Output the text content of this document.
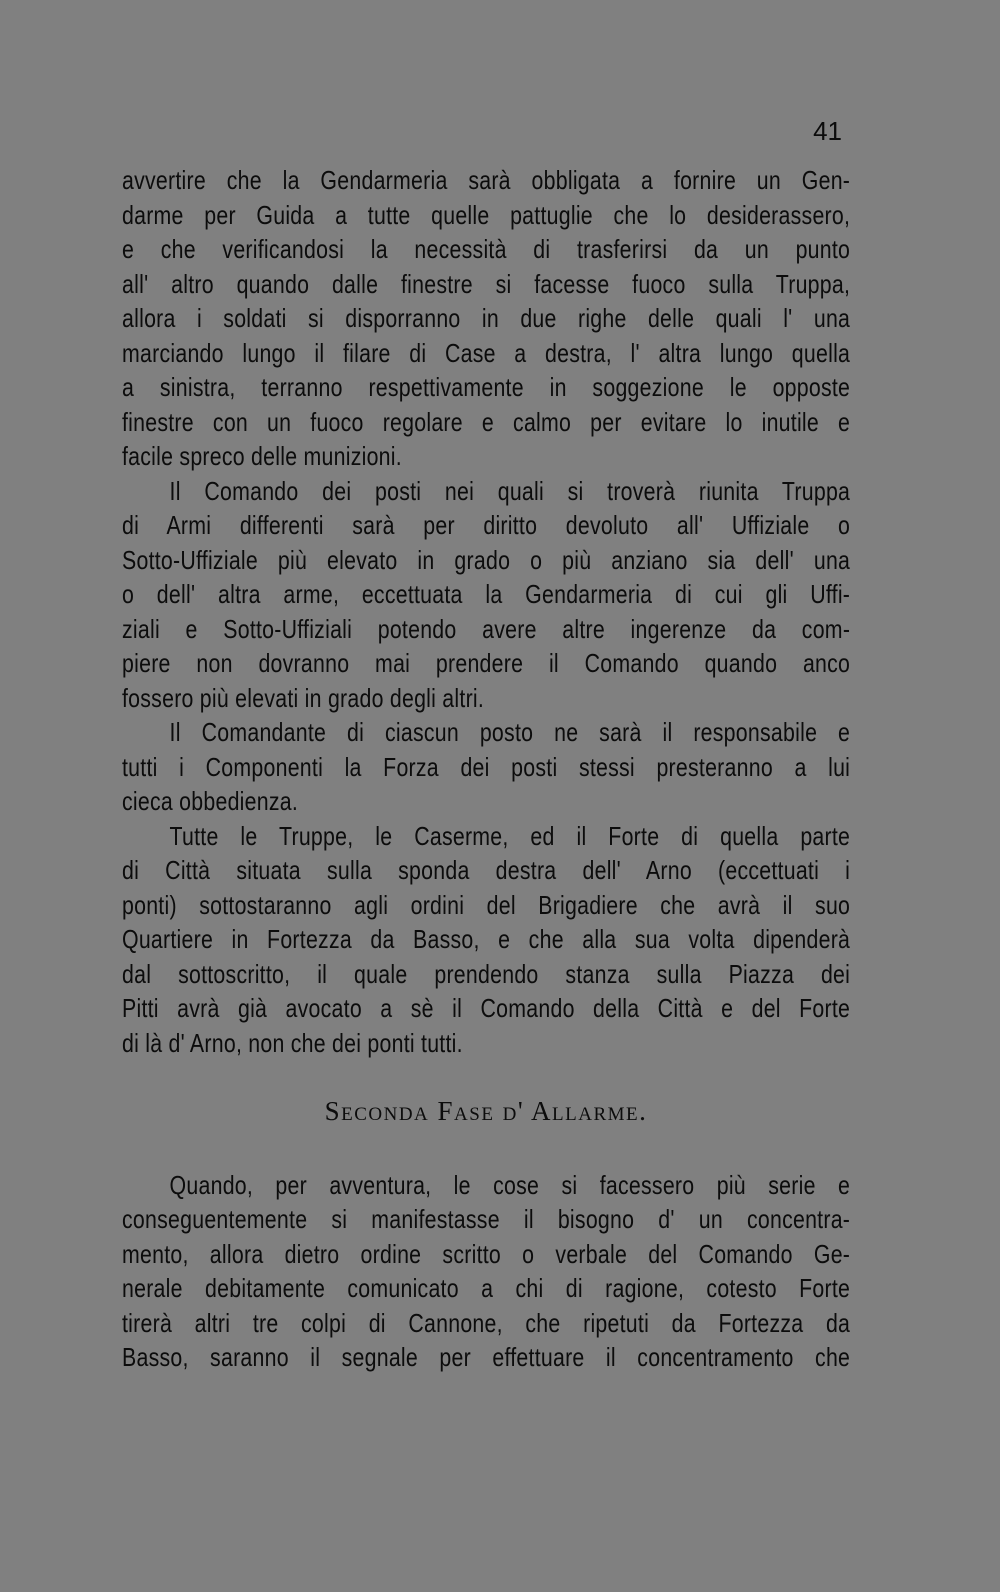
41
avvertire che la Gendarmeria sarà obbligata a fornire un Gen-
darme per Guida a tutte quelle pattuglie che lo desiderassero,
e che verificandosi la necessità di trasferirsi da un punto
all' altro quando dalle finestre si facesse fuoco sulla Truppa,
allora i soldati si disporranno in due righe delle quali l' una
marciando lungo il filare di Case a destra, l' altra lungo quella
a sinistra, terranno respettivamente in soggezione le opposte
finestre con un fuoco regolare e calmo per evitare lo inutile e
facile spreco delle munizioni.
Il Comando dei posti nei quali si troverà riunita Truppa
di Armi differenti sarà per diritto devoluto all' Uffiziale o
Sotto-Uffiziale più elevato in grado o più anziano sia dell' una
o dell' altra arme, eccettuata la Gendarmeria di cui gli Uffi-
ziali e Sotto-Uffiziali potendo avere altre ingerenze da com-
piere non dovranno mai prendere il Comando quando anco
fossero più elevati in grado degli altri.
Il Comandante di ciascun posto ne sarà il responsabile e
tutti i Componenti la Forza dei posti stessi presteranno a lui
cieca obbedienza.
Tutte le Truppe, le Caserme, ed il Forte di quella parte
di Città situata sulla sponda destra dell' Arno (eccettuati i
ponti) sottostaranno agli ordini del Brigadiere che avrà il suo
Quartiere in Fortezza da Basso, e che alla sua volta dipenderà
dal sottoscritto, il quale prendendo stanza sulla Piazza dei
Pitti avrà già avocato a sè il Comando della Città e del Forte
di là d' Arno, non che dei ponti tutti.
Seconda Fase d' Allarme.
Quando, per avventura, le cose si facessero più serie e
conseguentemente si manifestasse il bisogno d' un concentra-
mento, allora dietro ordine scritto o verbale del Comando Ge-
nerale debitamente comunicato a chi di ragione, cotesto Forte
tirerà altri tre colpi di Cannone, che ripetuti da Fortezza da
Basso, saranno il segnale per effettuare il concentramento che
